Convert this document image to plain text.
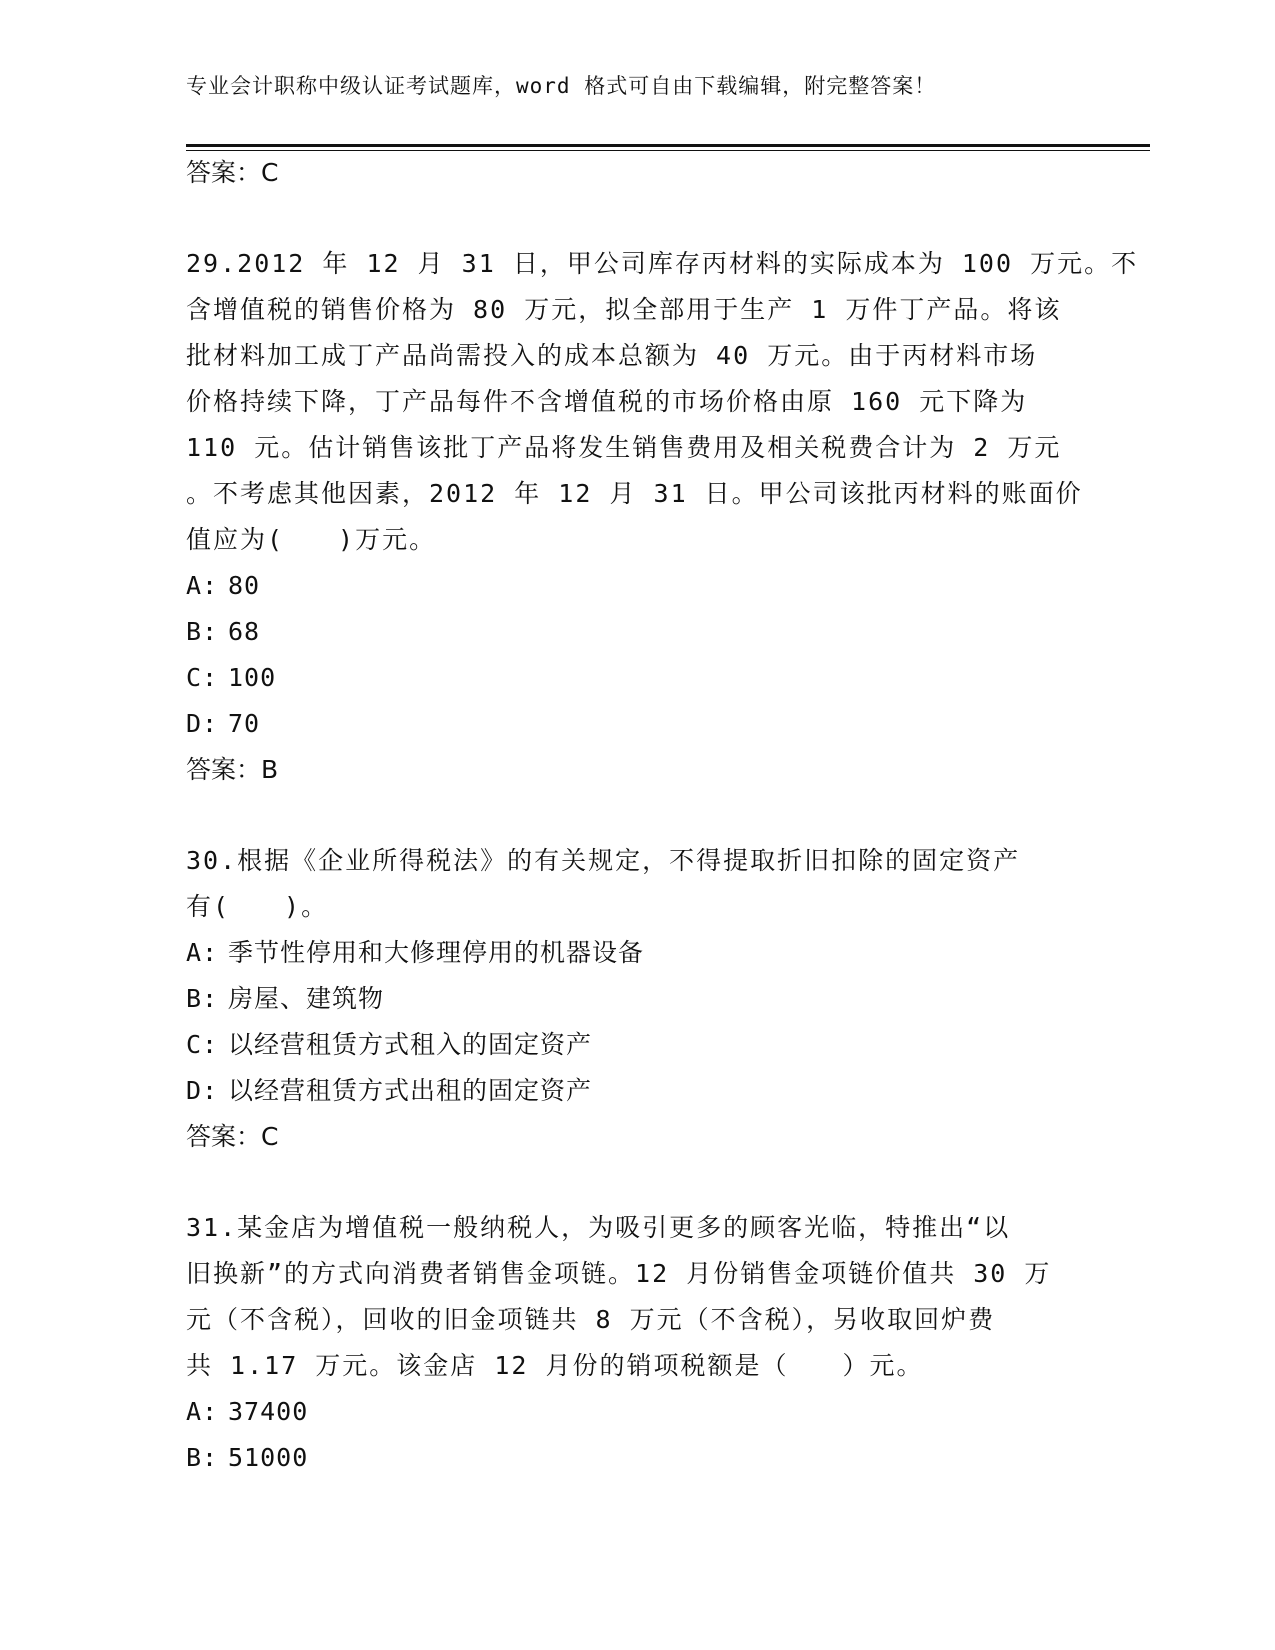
专业会计职称中级认证考试题库，word 格式可自由下载编辑，附完整答案！
答案：C
29.2012 年 12 月 31 日，甲公司库存丙材料的实际成本为 100 万元。不
含增值税的销售价格为 80 万元，拟全部用于生产 1 万件丁产品。将该
批材料加工成丁产品尚需投入的成本总额为 40 万元。由于丙材料市场
价格持续下降，丁产品每件不含增值税的市场价格由原 160 元下降为
110 元。估计销售该批丁产品将发生销售费用及相关税费合计为 2 万元
。不考虑其他因素，2012 年 12 月 31 日。甲公司该批丙材料的账面价
值应为(　　)万元。
A: 80
B: 68
C: 100
D: 70
答案：B
30.根据《企业所得税法》的有关规定，不得提取折旧扣除的固定资产
有(　　)。
A: 季节性停用和大修理停用的机器设备
B: 房屋、建筑物
C: 以经营租赁方式租入的固定资产
D: 以经营租赁方式出租的固定资产
答案：C
31.某金店为增值税一般纳税人，为吸引更多的顾客光临，特推出“以
旧换新”的方式向消费者销售金项链。12 月份销售金项链价值共 30 万
元（不含税），回收的旧金项链共 8 万元（不含税），另收取回炉费
共 1.17 万元。该金店 12 月份的销项税额是（　　）元。
A: 37400
B: 51000
